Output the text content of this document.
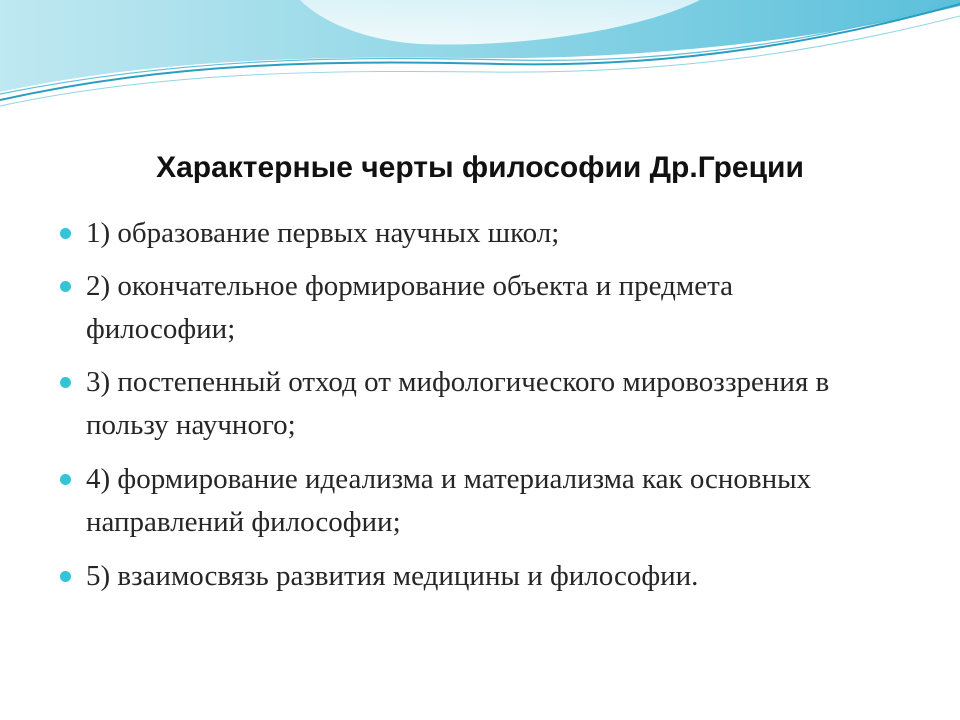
Характерные черты философии Др.Греции
1) образование первых научных школ;
2) окончательное формирование объекта и предмета философии;
3) постепенный отход от мифологического мировоззрения в пользу научного;
4) формирование идеализма и материализма как основных направлений философии;
5) взаимосвязь развития медицины и философии.
